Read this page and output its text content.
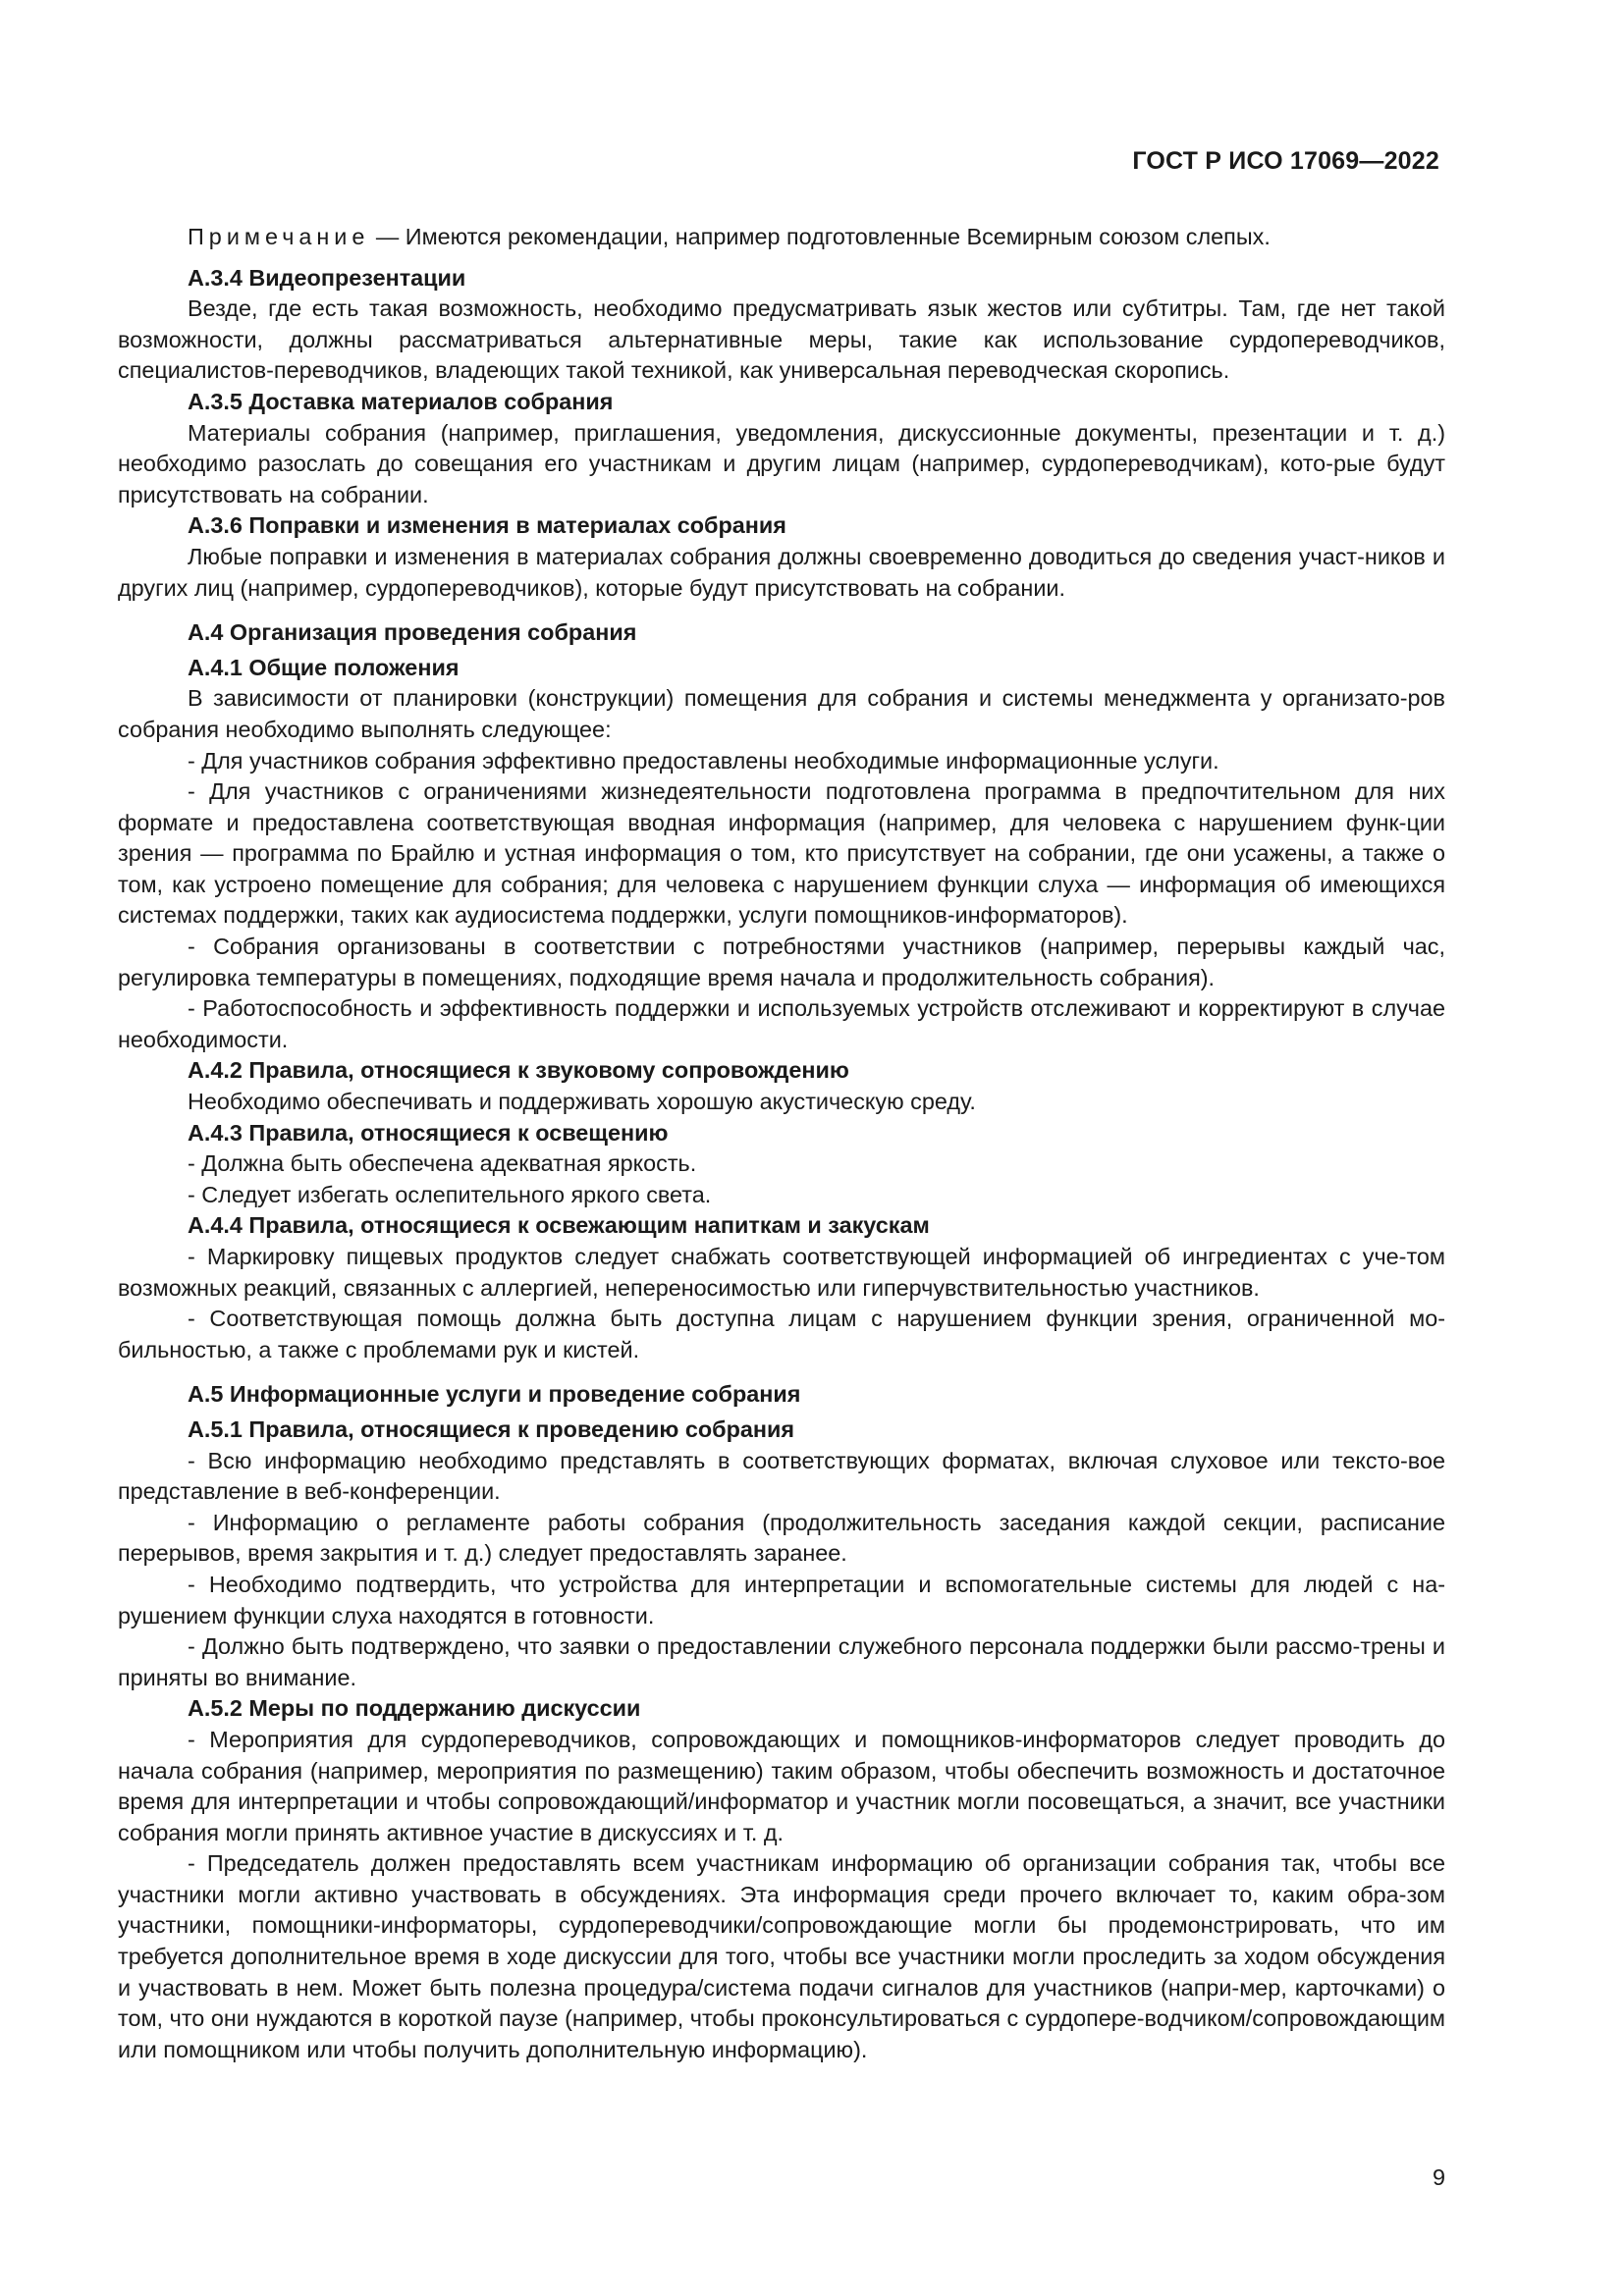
ГОСТ Р ИСО 17069—2022

Примечание — Имеются рекомендации, например подготовленные Всемирным союзом слепых.

А.3.4 Видеопрезентации

Везде, где есть такая возможность, необходимо предусматривать язык жестов или субтитры. Там, где нет такой возможности, должны рассматриваться альтернативные меры, такие как использование сурдопереводчиков, специалистов-переводчиков, владеющих такой техникой, как универсальная переводческая скоропись.

А.3.5 Доставка материалов собрания

Материалы собрания (например, приглашения, уведомления, дискуссионные документы, презентации и т. д.) необходимо разослать до совещания его участникам и другим лицам (например, сурдопереводчикам), кото-рые будут присутствовать на собрании.

А.3.6 Поправки и изменения в материалах собрания

Любые поправки и изменения в материалах собрания должны своевременно доводиться до сведения участ-ников и других лиц (например, сурдопереводчиков), которые будут присутствовать на собрании.

А.4 Организация проведения собрания
А.4.1 Общие положения

В зависимости от планировки (конструкции) помещения для собрания и системы менеджмента у организато-ров собрания необходимо выполнять следующее:

- Для участников собрания эффективно предоставлены необходимые информационные услуги.

- Для участников с ограничениями жизнедеятельности подготовлена программа в предпочтительном для них формате и предоставлена соответствующая вводная информация (например, для человека с нарушением функ-ции зрения — программа по Брайлю и устная информация о том, кто присутствует на собрании, где они усажены, а также о том, как устроено помещение для собрания; для человека с нарушением функции слуха — информация об имеющихся системах поддержки, таких как аудиосистема поддержки, услуги помощников-информаторов).

- Собрания организованы в соответствии с потребностями участников (например, перерывы каждый час, регулировка температуры в помещениях, подходящие время начала и продолжительность собрания).

- Работоспособность и эффективность поддержки и используемых устройств отслеживают и корректируют в случае необходимости.

А.4.2 Правила, относящиеся к звуковому сопровождению

Необходимо обеспечивать и поддерживать хорошую акустическую среду.

А.4.3 Правила, относящиеся к освещению

- Должна быть обеспечена адекватная яркость.

- Следует избегать ослепительного яркого света.

А.4.4 Правила, относящиеся к освежающим напиткам и закускам

- Маркировку пищевых продуктов следует снабжать соответствующей информацией об ингредиентах с уче-том возможных реакций, связанных с аллергией, непереносимостью или гиперчувствительностью участников.

- Соответствующая помощь должна быть доступна лицам с нарушением функции зрения, ограниченной мо-бильностью, а также с проблемами рук и кистей.

А.5 Информационные услуги и проведение собрания
А.5.1 Правила, относящиеся к проведению собрания

- Всю информацию необходимо представлять в соответствующих форматах, включая слуховое или тексто-вое представление в веб-конференции.

- Информацию о регламенте работы собрания (продолжительность заседания каждой секции, расписание перерывов, время закрытия и т. д.) следует предоставлять заранее.

- Необходимо подтвердить, что устройства для интерпретации и вспомогательные системы для людей с на-рушением функции слуха находятся в готовности.

- Должно быть подтверждено, что заявки о предоставлении служебного персонала поддержки были рассмо-трены и приняты во внимание.

А.5.2 Меры по поддержанию дискуссии

- Мероприятия для сурдопереводчиков, сопровождающих и помощников-информаторов следует проводить до начала собрания (например, мероприятия по размещению) таким образом, чтобы обеспечить возможность и достаточное время для интерпретации и чтобы сопровождающий/информатор и участник могли посовещаться, а значит, все участники собрания могли принять активное участие в дискуссиях и т. д.

- Председатель должен предоставлять всем участникам информацию об организации собрания так, чтобы все участники могли активно участвовать в обсуждениях. Эта информация среди прочего включает то, каким обра-зом участники, помощники-информаторы, сурдопереводчики/сопровождающие могли бы продемонстрировать, что им требуется дополнительное время в ходе дискуссии для того, чтобы все участники могли проследить за ходом обсуждения и участвовать в нем. Может быть полезна процедура/система подачи сигналов для участников (напри-мер, карточками) о том, что они нуждаются в короткой паузе (например, чтобы проконсультироваться с сурдопере-водчиком/сопровождающим или помощником или чтобы получить дополнительную информацию).

9
